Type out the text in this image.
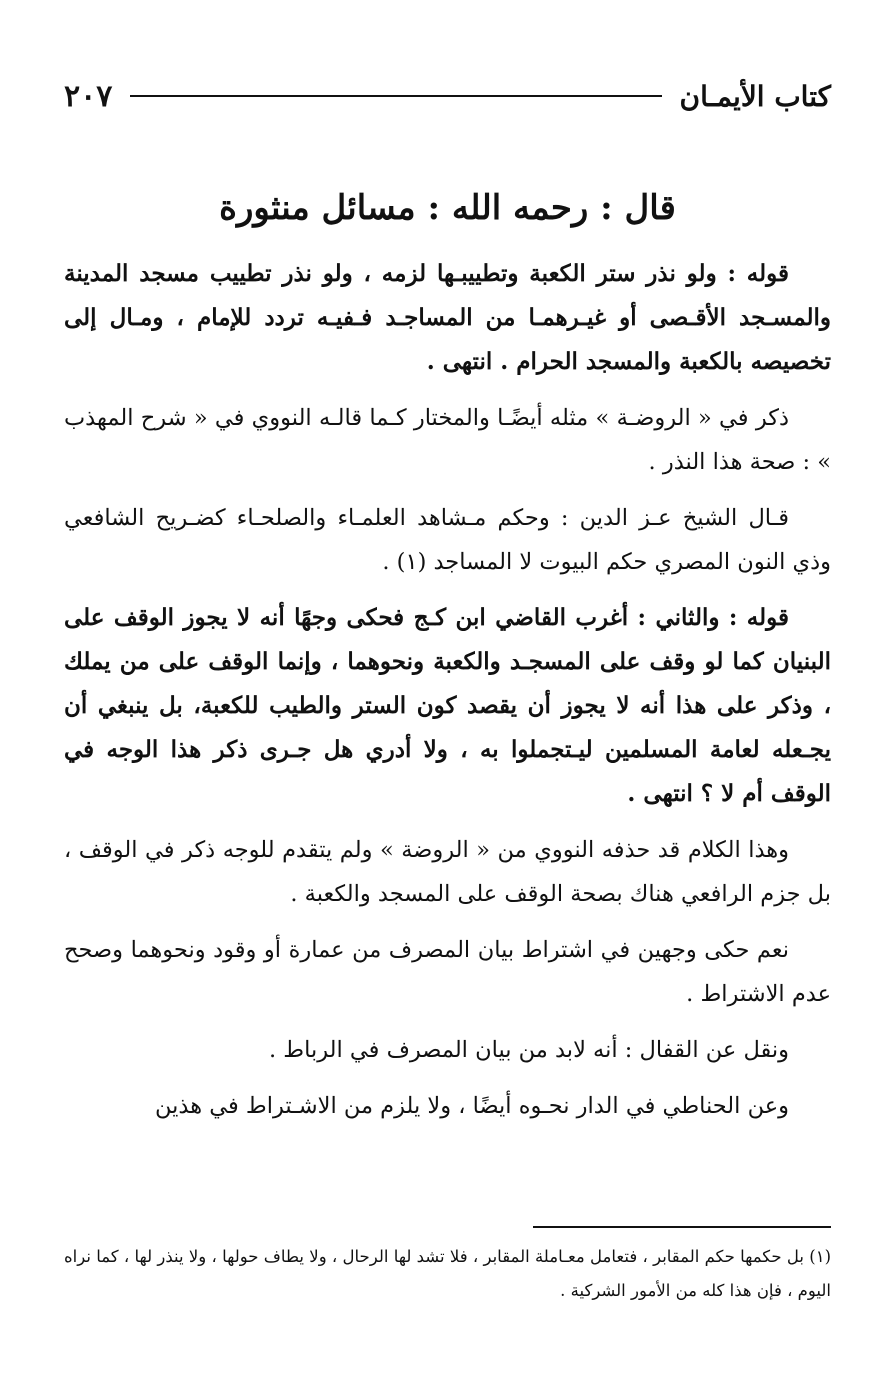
كتاب الأيمـان
٢٠٧
قال : رحمه الله : مسائل منثورة

قوله : ولو نذر ستر الكعبة وتطييبـها لزمه ، ولو نذر تطييب مسجد المدينة والمسـجد الأقـصى أو غيـرهمـا من المساجـد فـفيـه تردد للإمام ، ومـال إلى تخصيصه بالكعبة والمسجد الحرام . انتهى .

ذكر في « الروضـة » مثله أيضًـا والمختار كـما قالـه النووي في « شرح المهذب » : صحة هذا النذر .

قـال الشيخ عـز الدين : وحكم مـشاهد العلمـاء والصلحـاء كضـريح الشافعي وذي النون المصري حكم البيوت لا المساجد (١) .

قوله : والثاني : أغرب القاضي ابن كـج فحكى وجهًا أنه لا يجوز الوقف على البنيان كما لو وقف على المسجـد والكعبة ونحوهما ، وإنما الوقف على من يملك ، وذكر على هذا أنه لا يجوز أن يقصد كون الستر والطيب للكعبة، بل ينبغي أن يجـعله لعامة المسلمين ليـتجملوا به ، ولا أدري هل جـرى ذكر هذا الوجه في الوقف أم لا ؟ انتهى .

وهذا الكلام قد حذفه النووي من « الروضة » ولم يتقدم للوجه ذكر في الوقف ، بل جزم الرافعي هناك بصحة الوقف على المسجد والكعبة .

نعم حكى وجهين في اشتراط بيان المصرف من عمارة أو وقود ونحوهما وصحح عدم الاشتراط .

ونقل عن القفال : أنه لابد من بيان المصرف في الرباط .

وعن الحناطي في الدار نحـوه أيضًا ، ولا يلزم من الاشـتراط في هذين

(١) بل حكمها حكم المقابر ، فتعامل معـاملة المقابر ، فلا تشد لها الرحال ، ولا يطاف حولها ، ولا ينذر لها ، كما نراه اليوم ، فإن هذا كله من الأمور الشركية .
